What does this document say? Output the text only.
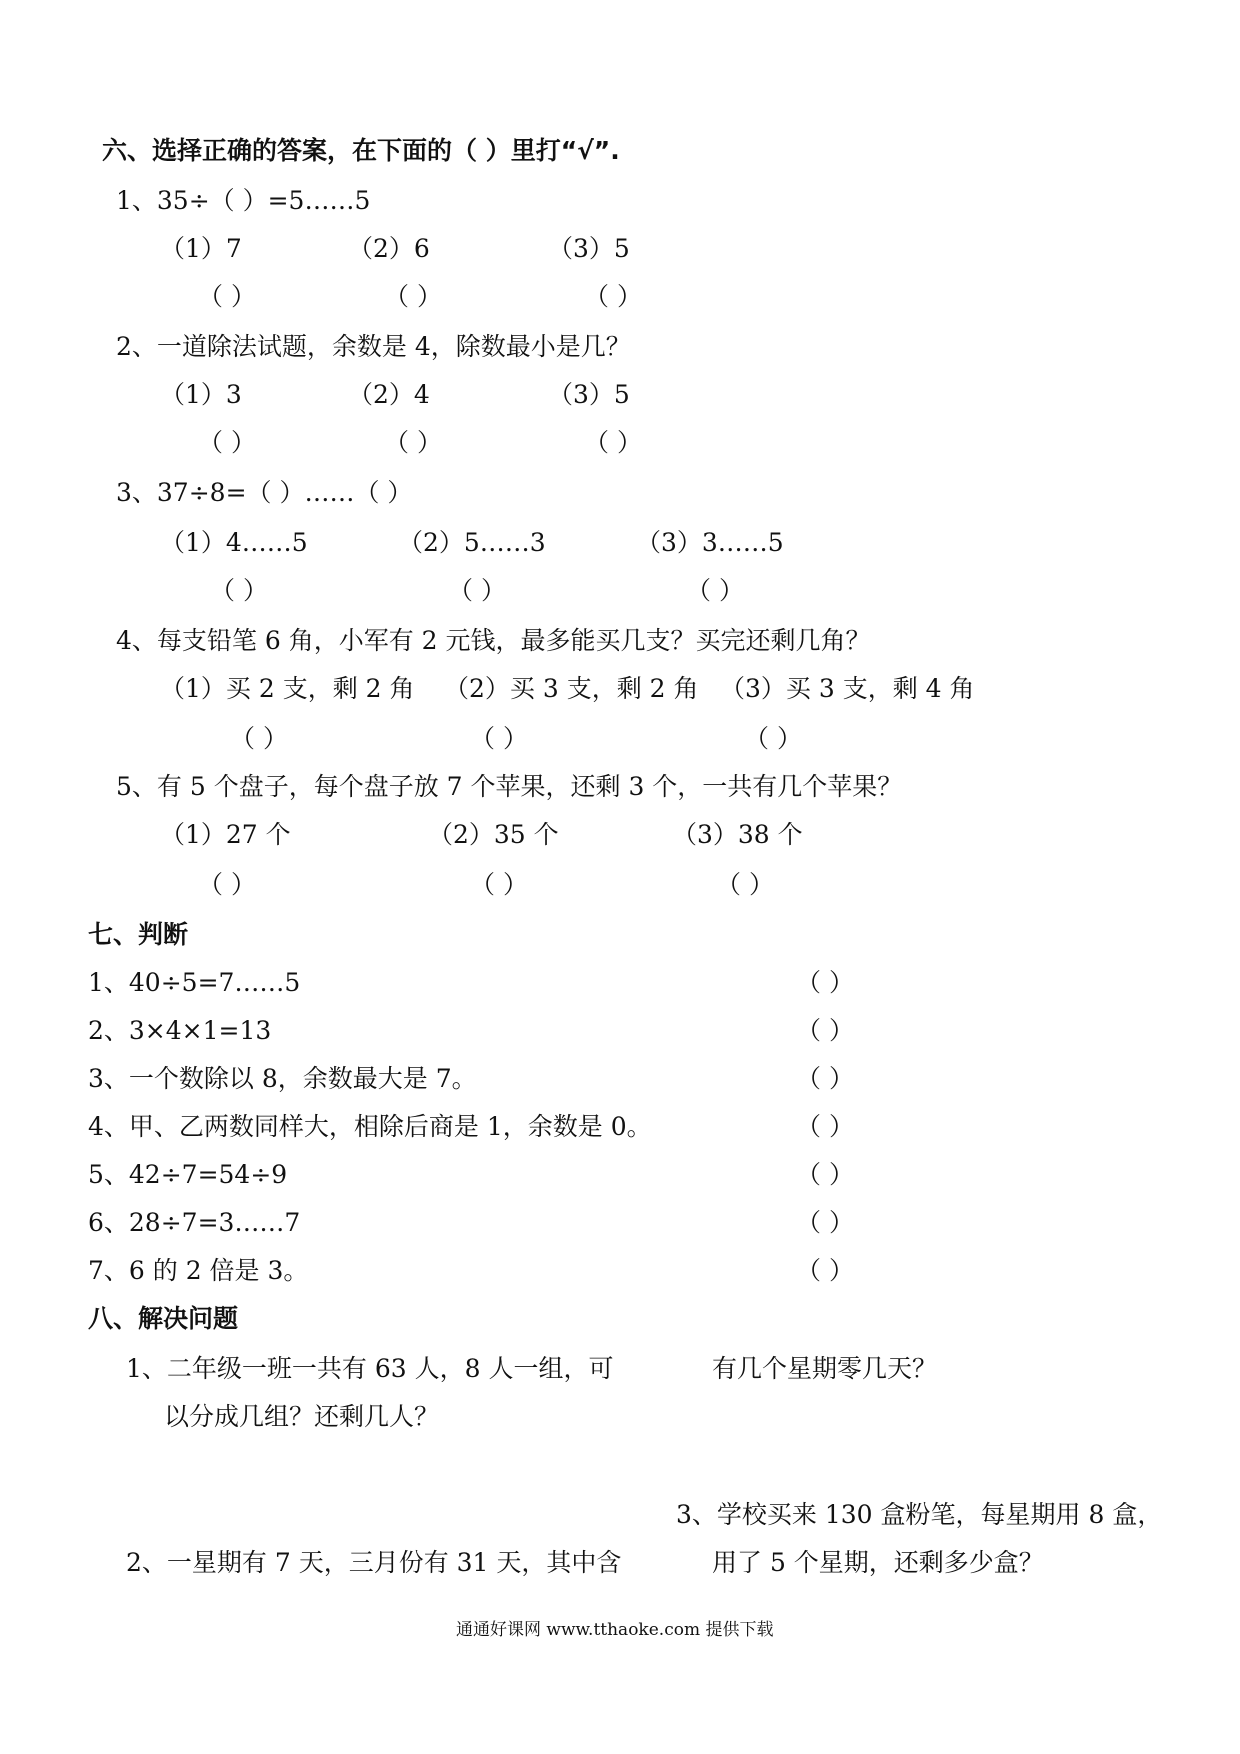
六、选择正确的答案，在下面的（ ）里打“√”.
1、35÷（ ）=5……5
（1）7	（2）6	（3）5
（ ）	（ ）	（ ）
2、一道除法试题，余数是 4，除数最小是几？
（1）3	（2）4	（3）5
（ ）	（ ）	（ ）
3、37÷8=（ ）……（ ）
（1）4……5	（2）5……3	（3）3……5
（ ）	（ ）	（ ）
4、每支铅笔 6 角，小军有 2 元钱，最多能买几支？买完还剩几角？
（1）买 2 支，剩 2 角 （2）买 3 支，剩 2 角 （3）买 3 支，剩 4 角
（ ）	（ ）	（ ）
5、有 5 个盘子，每个盘子放 7 个苹果，还剩 3 个，一共有几个苹果？
（1）27 个	（2）35 个	（3）38 个
（ ）	（ ）	（ ）
七、判断
1、40÷5=7……5	（ ）
2、3×4×1=13	（ ）
3、一个数除以 8，余数最大是 7。	（ ）
4、甲、乙两数同样大，相除后商是 1，余数是 0。	（ ）
5、42÷7=54÷9	（ ）
6、28÷7=3……7	（ ）
7、6 的 2 倍是 3。	（ ）
八、解决问题
1、二年级一班一共有 63 人，8 人一组，可
以分成几组？还剩几人？
有几个星期零几天？
3、学校买来 130 盒粉笔，每星期用 8 盒，
2、一星期有 7 天，三月份有 31 天，其中含	用了 5 个星期，还剩多少盒？
通通好课网 www.tthaoke.com 提供下载
